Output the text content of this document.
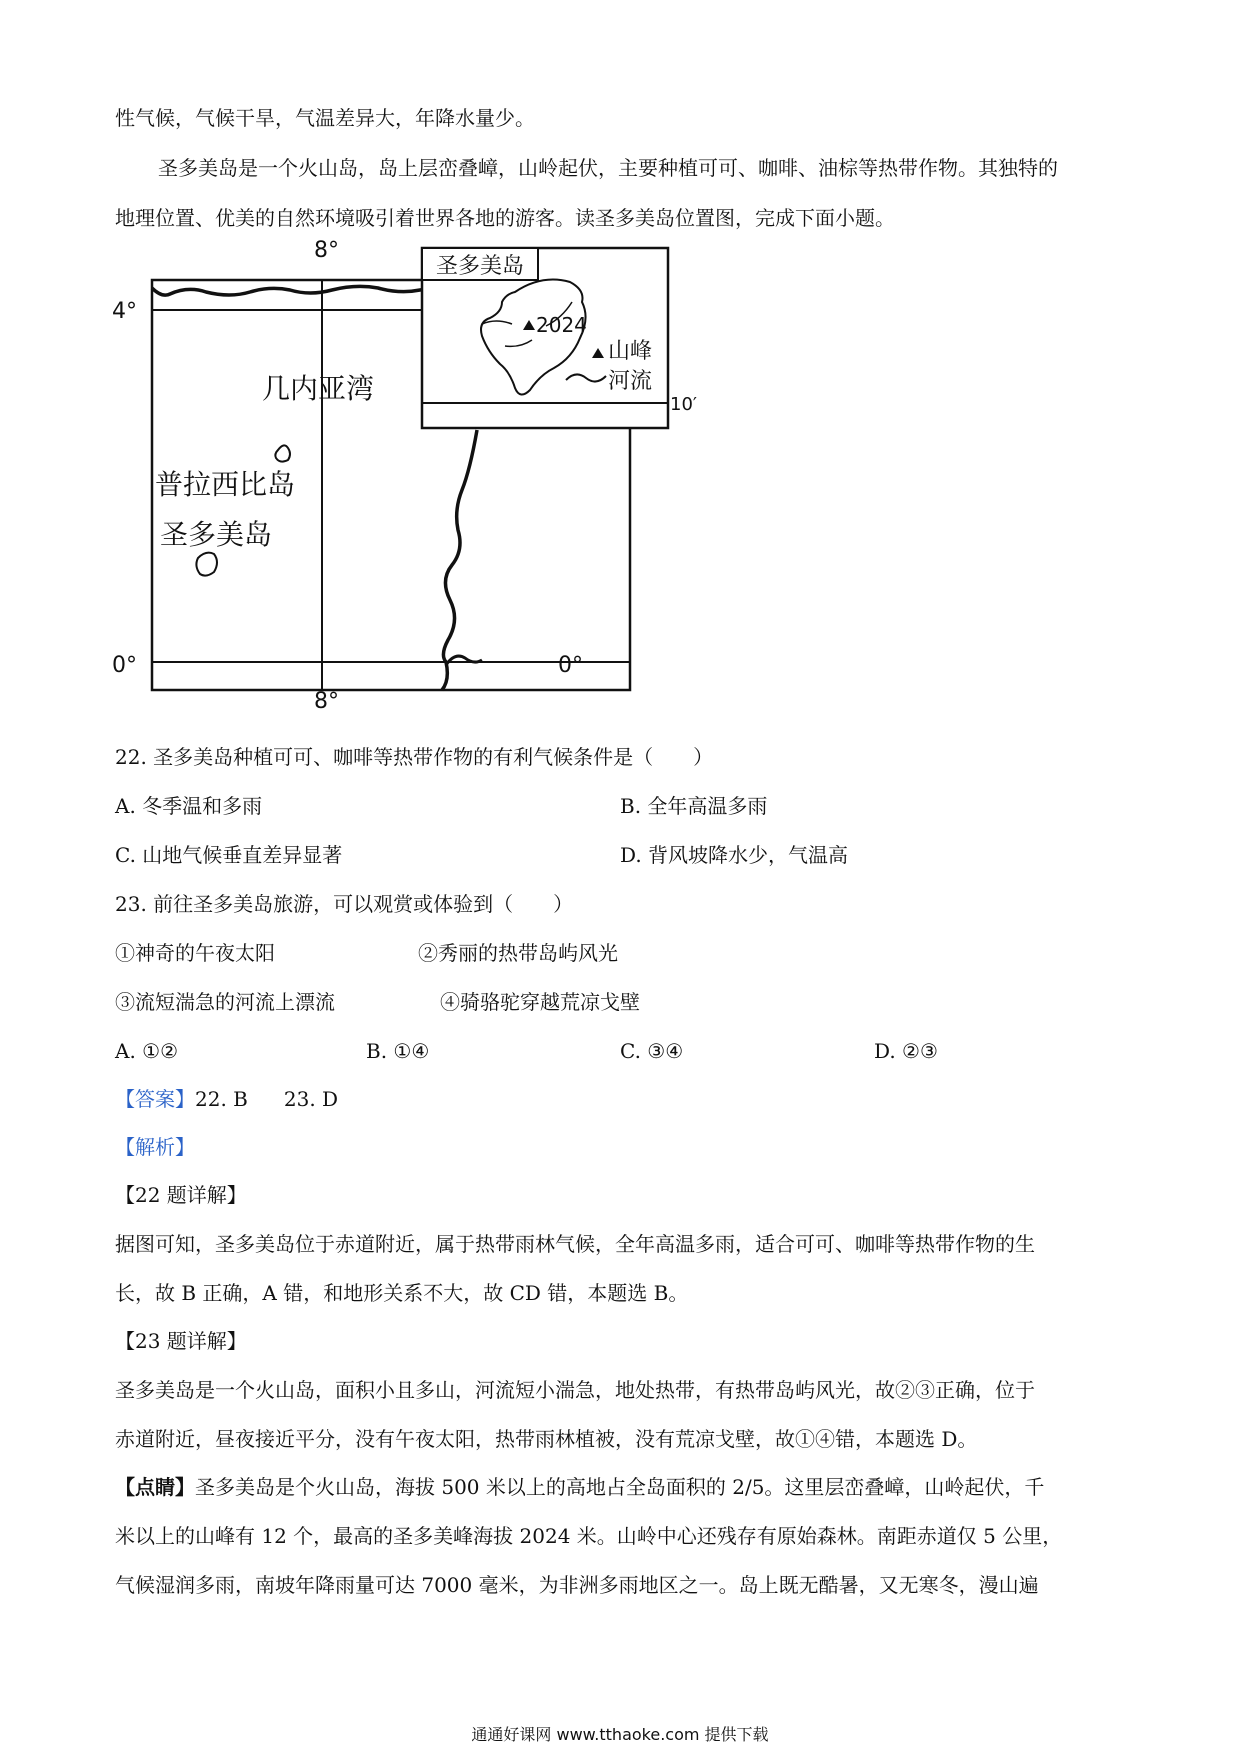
性气候，气候干旱，气温差异大，年降水量少。
圣多美岛是一个火山岛，岛上层峦叠嶂，山岭起伏，主要种植可可、咖啡、油棕等热带作物。其独特的
地理位置、优美的自然环境吸引着世界各地的游客。读圣多美岛位置图，完成下面小题。
圣多美岛
2024
山峰
河流
几内亚湾
普拉西比岛
圣多美岛
8°
8°
4°
0°	0°
10′
22. 圣多美岛种植可可、咖啡等热带作物的有利气候条件是（　　）
A. 冬季温和多雨	B. 全年高温多雨
C. 山地气候垂直差异显著	D. 背风坡降水少，气温高
23. 前往圣多美岛旅游，可以观赏或体验到（　　）
①神奇的午夜太阳	②秀丽的热带岛屿风光
③流短湍急的河流上漂流	④骑骆驼穿越荒凉戈壁
A. ①②	B. ①④	C. ③④	D. ②③
【答案】22. B 23. D
【解析】
【22 题详解】
据图可知，圣多美岛位于赤道附近，属于热带雨林气候，全年高温多雨，适合可可、咖啡等热带作物的生
长，故 B 正确，A 错，和地形关系不大，故 CD 错，本题选 B。
【23 题详解】
圣多美岛是一个火山岛，面积小且多山，河流短小湍急，地处热带，有热带岛屿风光，故②③正确，位于
赤道附近，昼夜接近平分，没有午夜太阳，热带雨林植被，没有荒凉戈壁，故①④错，本题选 D。
【点睛】圣多美岛是个火山岛，海拔 500 米以上的高地占全岛面积的 2/5。这里层峦叠嶂，山岭起伏，千
米以上的山峰有 12 个，最高的圣多美峰海拔 2024 米。山岭中心还残存有原始森林。南距赤道仅 5 公里，
气候湿润多雨，南坡年降雨量可达 7000 毫米，为非洲多雨地区之一。岛上既无酷暑，又无寒冬，漫山遍
通通好课网 www.tthaoke.com 提供下载
